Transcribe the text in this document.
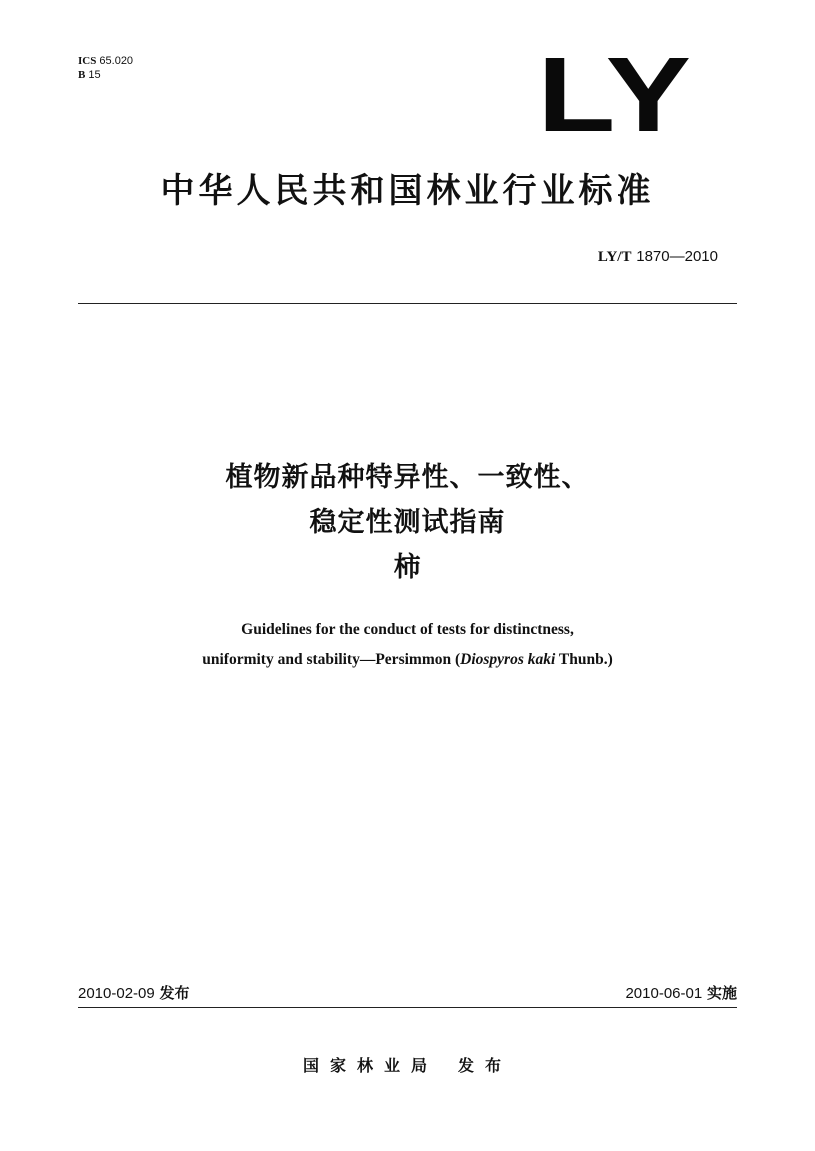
ICS 65.020
B 15	LY
中华人民共和国林业行业标准
LY/T 1870—2010
植物新品种特异性、一致性、
稳定性测试指南
柿
Guidelines for the conduct of tests for distinctness,
uniformity and stability—Persimmon (Diospyros kaki Thunb.)
2010-02-09 发布	2010-06-01 实施
国家林业局 发布
